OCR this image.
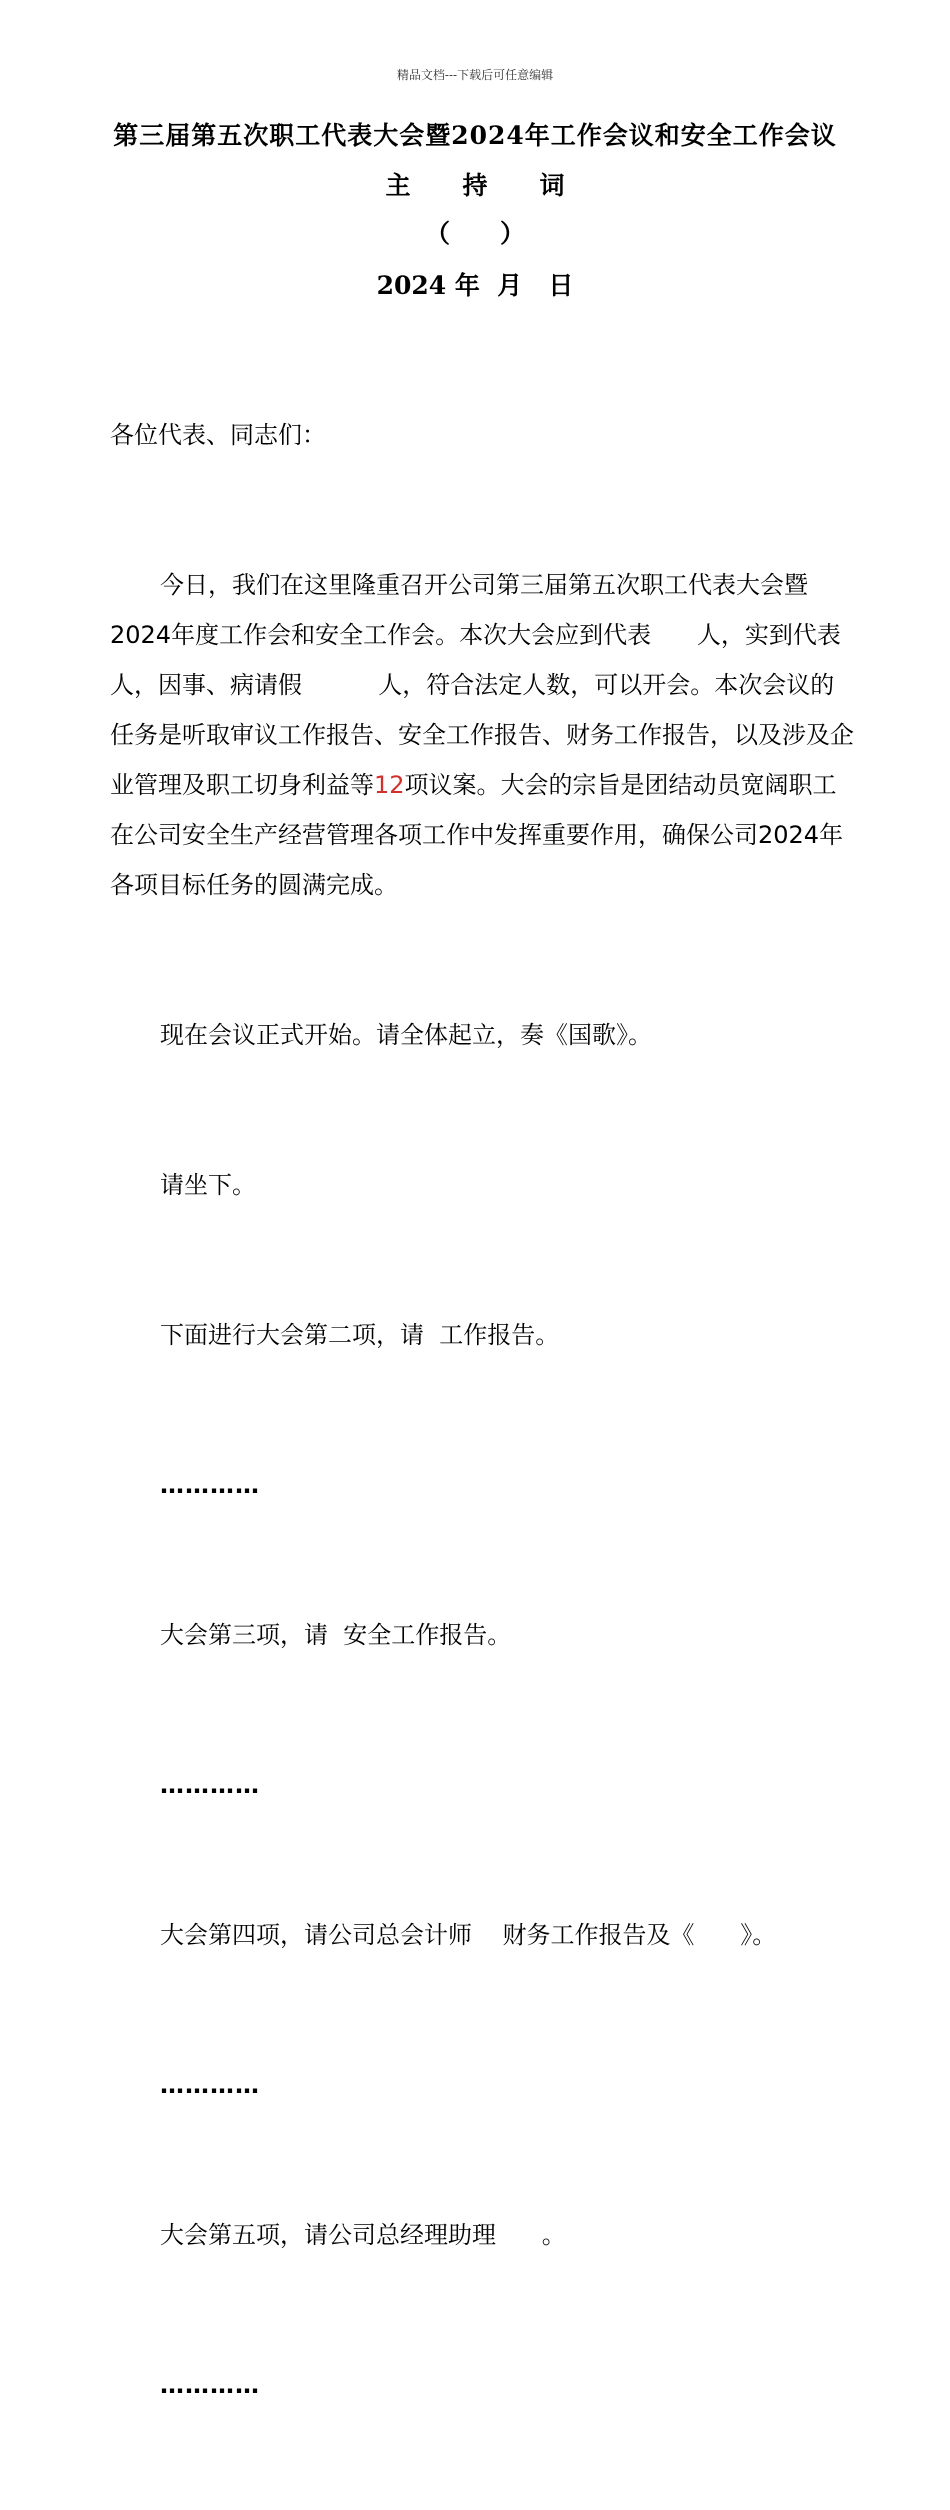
精品文档---下载后可任意编辑
第三届第五次职工代表大会暨2024年工作会议和安全工作会议
主 持 词
（　　）
2024 年  月   日

各位代表、同志们：

今日，我们在这里隆重召开公司第三届第五次职工代表大会暨2024年度工作会和安全工作会。本次大会应到代表      人，实到代表          人，因事、病请假          人，符合法定人数，可以开会。本次会议的任务是听取审议工作报告、安全工作报告、财务工作报告，以及涉及企业管理及职工切身利益等12项议案。大会的宗旨是团结动员宽阔职工在公司安全生产经营管理各项工作中发挥重要作用，确保公司2024年各项目标任务的圆满完成。

现在会议正式开始。请全体起立，奏《国歌》。

请坐下。

下面进行大会第二项，请  工作报告。

…………

大会第三项，请  安全工作报告。

…………

大会第四项，请公司总会计师    财务工作报告及《      》。

…………

大会第五项，请公司总经理助理      。

…………
